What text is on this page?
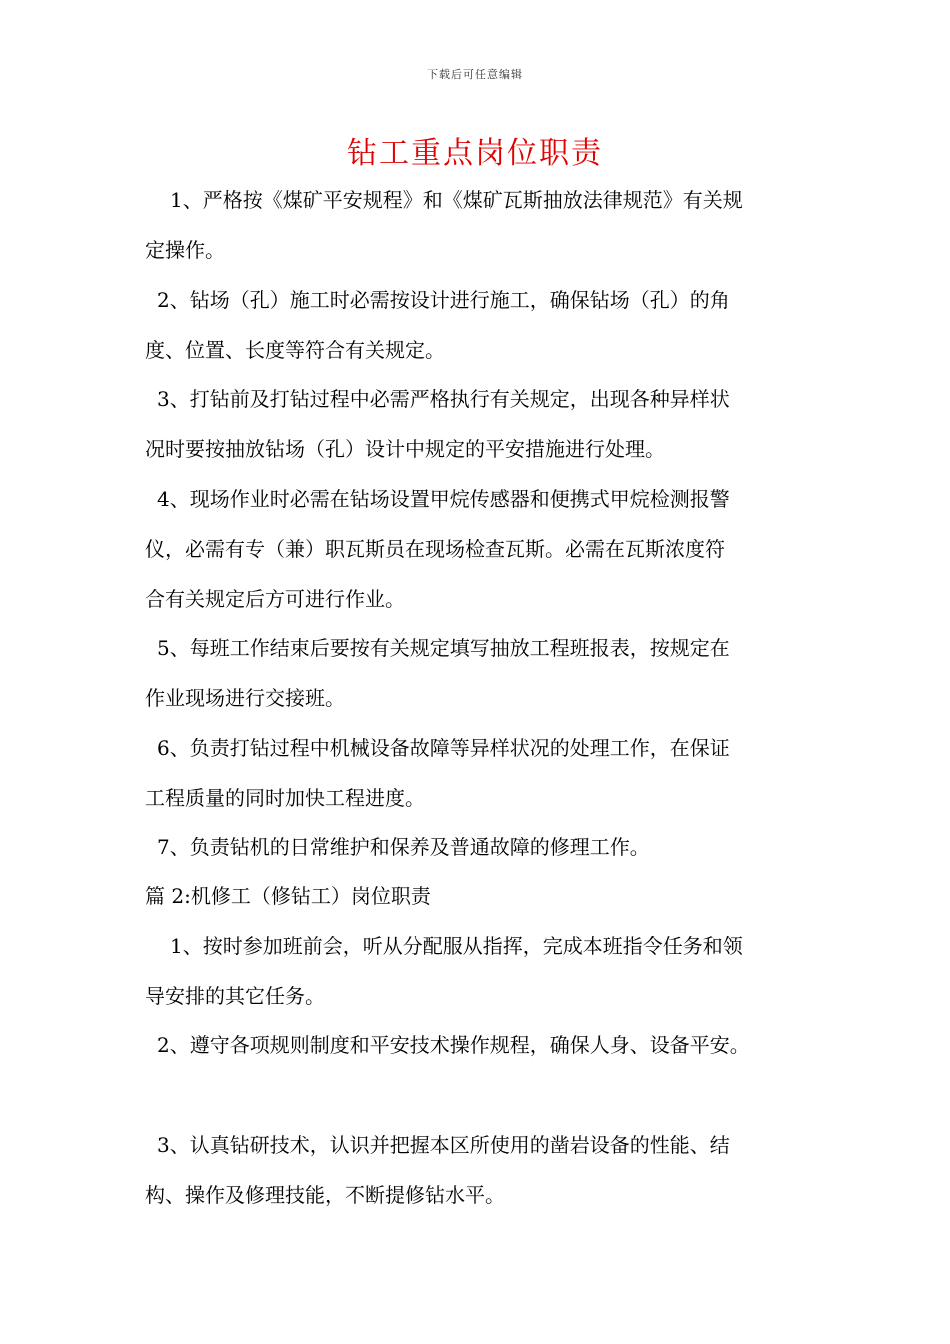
下载后可任意编辑
钻工重点岗位职责
1、严格按《煤矿平安规程》和《煤矿瓦斯抽放法律规范》有关规
定操作。
2、钻场（孔）施工时必需按设计进行施工，确保钻场（孔）的角
度、位置、长度等符合有关规定。
3、打钻前及打钻过程中必需严格执行有关规定，出现各种异样状
况时要按抽放钻场（孔）设计中规定的平安措施进行处理。
4、现场作业时必需在钻场设置甲烷传感器和便携式甲烷检测报警
仪，必需有专（兼）职瓦斯员在现场检查瓦斯。必需在瓦斯浓度符
合有关规定后方可进行作业。
5、每班工作结束后要按有关规定填写抽放工程班报表，按规定在
作业现场进行交接班。
6、负责打钻过程中机械设备故障等异样状况的处理工作，在保证
工程质量的同时加快工程进度。
7、负责钻机的日常维护和保养及普通故障的修理工作。
篇 2:机修工（修钻工）岗位职责
1、按时参加班前会，听从分配服从指挥，完成本班指令任务和领
导安排的其它任务。
2、遵守各项规则制度和平安技术操作规程，确保人身、设备平安。
3、认真钻研技术，认识并把握本区所使用的凿岩设备的性能、结
构、操作及修理技能，不断提修钻水平。
